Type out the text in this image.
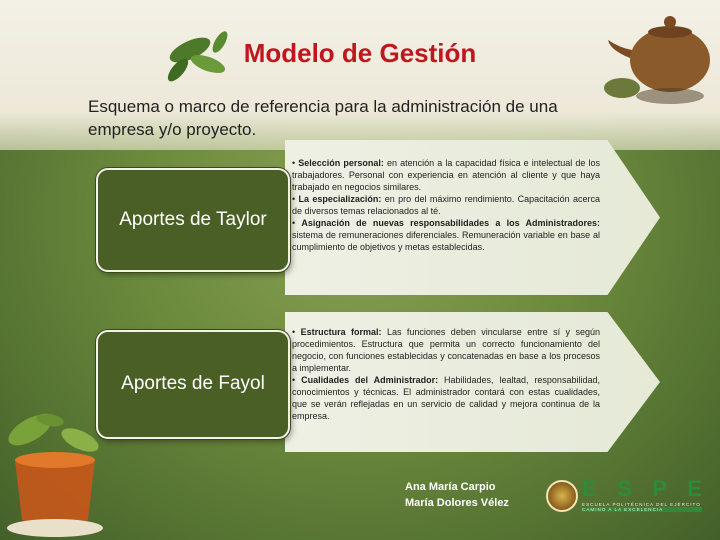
Modelo de Gestión

Esquema o marco de referencia para la administración de una empresa y/o proyecto.

Aportes de Taylor

• Selección personal: en atención a la capacidad física e intelectual de los trabajadores. Personal con experiencia en atención al cliente y que haya trabajado en negocios similares.

• La especialización: en pro del máximo rendimiento. Capacitación acerca de diversos temas relacionados al té.

• Asignación de nuevas responsabilidades a los Administradores: sistema de remuneraciones diferenciales. Remuneración variable en base al cumplimiento de objetivos y metas establecidas.

Aportes de Fayol

• Estructura formal: Las funciones deben vincularse entre sí y según procedimientos. Estructura que permita un correcto funcionamiento del negocio, con funciones establecidas y concatenadas en base a los procesos a implementar.

• Cualidades del Administrador: Habilidades, lealtad, responsabilidad, conocimientos y técnicas. El administrador contará con estas cualidades, que se verán reflejadas en un servicio de calidad y mejora continua de la empresa.

Ana María Carpio
María Dolores Vélez
E S P E
ESCUELA POLITÉCNICA DEL EJÉRCITO
CAMINO A LA EXCELENCIA
